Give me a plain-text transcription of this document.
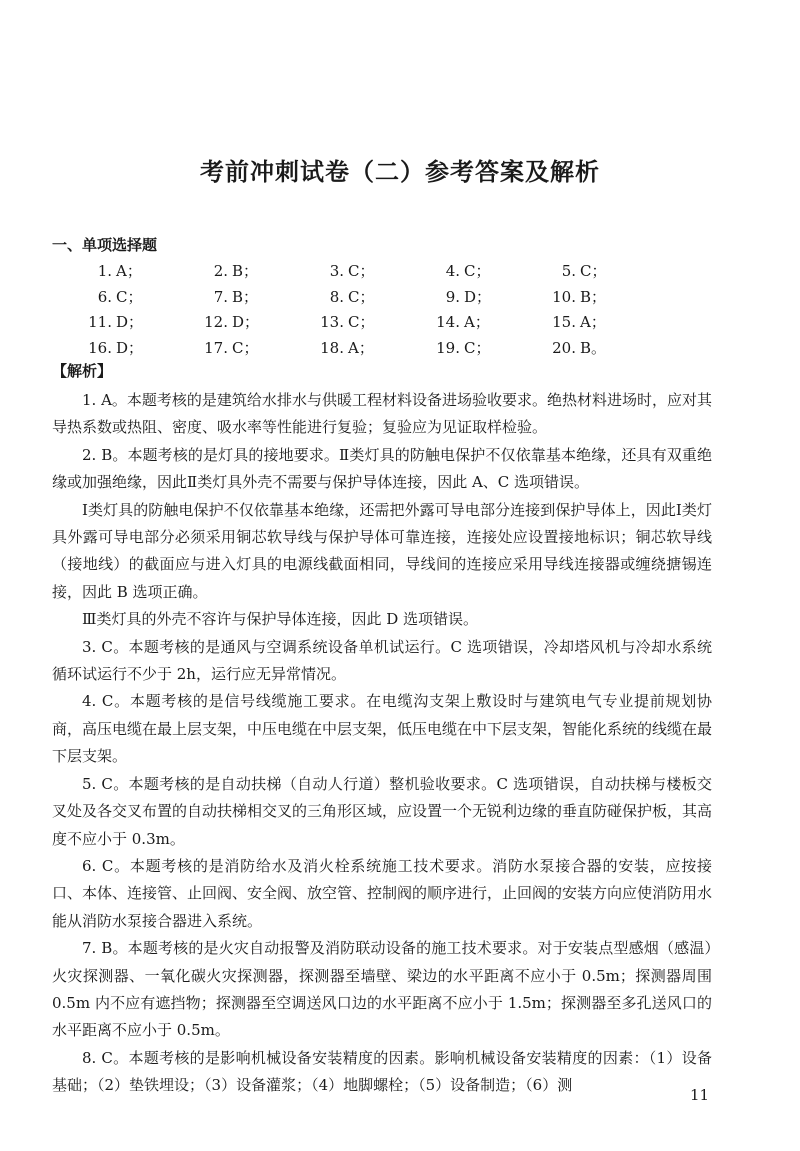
考前冲刺试卷（二）参考答案及解析
一、单项选择题
1. A；	2. B；	3. C；	4. C；	5. C；
6. C；	7. B；	8. C；	9. D；	10. B；
11. D；	12. D；	13. C；	14. A；	15. A；
16. D；	17. C；	18. A；	19. C；	20. B。
【解析】

1. A。本题考核的是建筑给水排水与供暖工程材料设备进场验收要求。绝热材料进场时，应对其导热系数或热阻、密度、吸水率等性能进行复验；复验应为见证取样检验。

2. B。本题考核的是灯具的接地要求。Ⅱ类灯具的防触电保护不仅依靠基本绝缘，还具有双重绝缘或加强绝缘，因此Ⅱ类灯具外壳不需要与保护导体连接，因此 A、C 选项错误。

Ⅰ类灯具的防触电保护不仅依靠基本绝缘，还需把外露可导电部分连接到保护导体上，因此Ⅰ类灯具外露可导电部分必须采用铜芯软导线与保护导体可靠连接，连接处应设置接地标识；铜芯软导线（接地线）的截面应与进入灯具的电源线截面相同，导线间的连接应采用导线连接器或缠绕搪锡连接，因此 B 选项正确。

Ⅲ类灯具的外壳不容许与保护导体连接，因此 D 选项错误。

3. C。本题考核的是通风与空调系统设备单机试运行。C 选项错误，冷却塔风机与冷却水系统循环试运行不少于 2h，运行应无异常情况。

4. C。本题考核的是信号线缆施工要求。在电缆沟支架上敷设时与建筑电气专业提前规划协商，高压电缆在最上层支架，中压电缆在中层支架，低压电缆在中下层支架，智能化系统的线缆在最下层支架。

5. C。本题考核的是自动扶梯（自动人行道）整机验收要求。C 选项错误，自动扶梯与楼板交叉处及各交叉布置的自动扶梯相交叉的三角形区域，应设置一个无锐利边缘的垂直防碰保护板，其高度不应小于 0.3m。

6. C。本题考核的是消防给水及消火栓系统施工技术要求。消防水泵接合器的安装，应按接口、本体、连接管、止回阀、安全阀、放空管、控制阀的顺序进行，止回阀的安装方向应使消防用水能从消防水泵接合器进入系统。

7. B。本题考核的是火灾自动报警及消防联动设备的施工技术要求。对于安装点型感烟（感温）火灾探测器、一氧化碳火灾探测器，探测器至墙壁、梁边的水平距离不应小于 0.5m；探测器周围 0.5m 内不应有遮挡物；探测器至空调送风口边的水平距离不应小于 1.5m；探测器至多孔送风口的水平距离不应小于 0.5m。

8. C。本题考核的是影响机械设备安装精度的因素。影响机械设备安装精度的因素：（1）设备基础；（2）垫铁埋设；（3）设备灌浆；（4）地脚螺栓；（5）设备制造；（6）测

11
